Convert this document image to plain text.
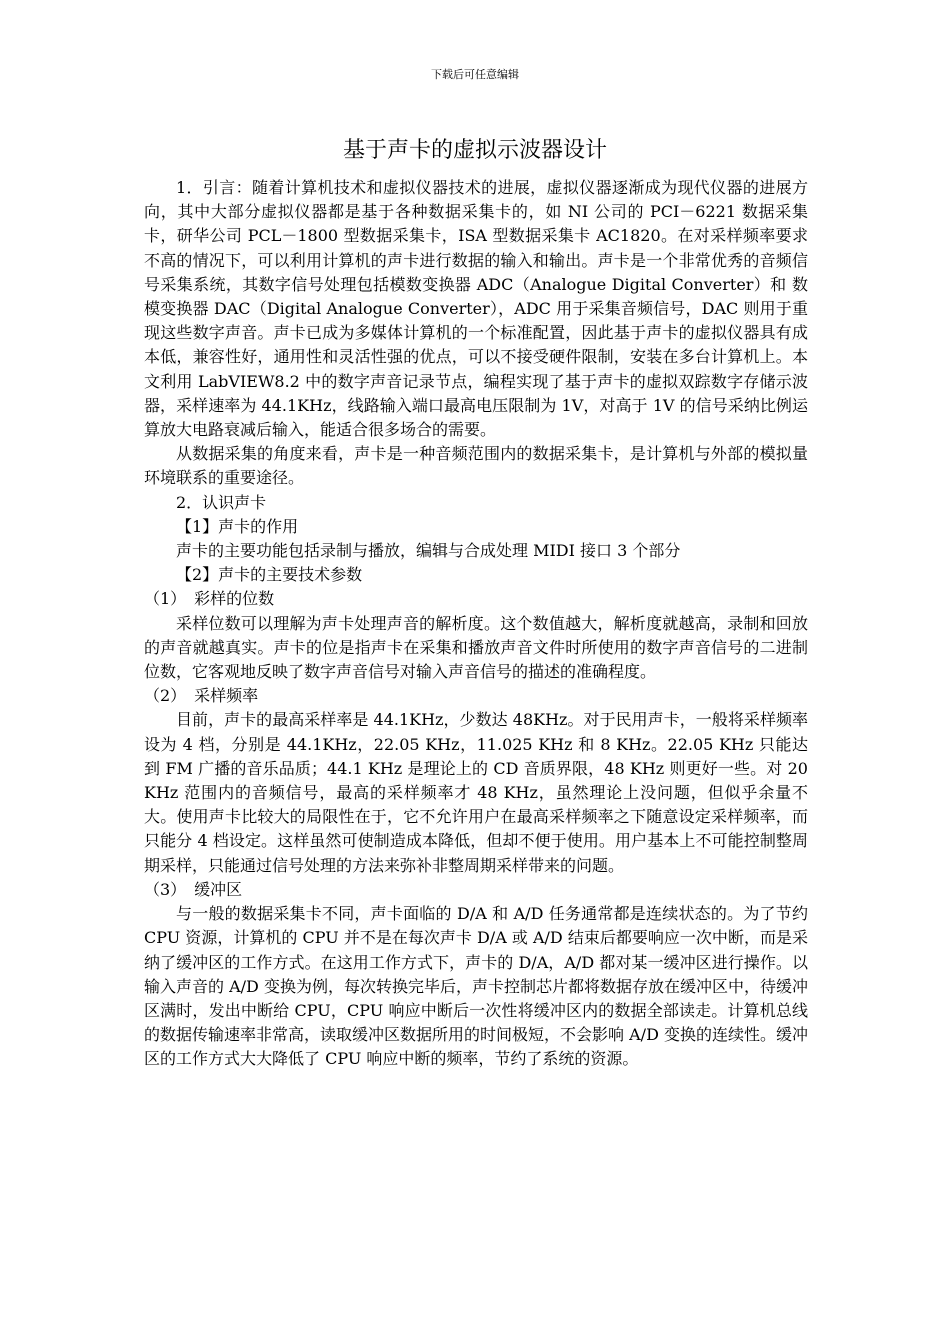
下载后可任意编辑
基于声卡的虚拟示波器设计

1．引言：随着计算机技术和虚拟仪器技术的进展，虚拟仪器逐渐成为现代仪器的进展方向，其中大部分虚拟仪器都是基于各种数据采集卡的，如 NI 公司的 PCI－6221 数据采集卡，研华公司 PCL－1800 型数据采集卡，ISA 型数据采集卡 AC1820。在对采样频率要求不高的情况下，可以利用计算机的声卡进行数据的输入和输出。声卡是一个非常优秀的音频信号采集系统，其数字信号处理包括模数变换器 ADC（Analogue Digital Converter）和 数模变换器 DAC（Digital Analogue Converter），ADC 用于采集音频信号，DAC 则用于重现这些数字声音。声卡已成为多媒体计算机的一个标准配置，因此基于声卡的虚拟仪器具有成本低，兼容性好，通用性和灵活性强的优点，可以不接受硬件限制，安装在多台计算机上。本文利用 LabVIEW8.2 中的数字声音记录节点，编程实现了基于声卡的虚拟双踪数字存储示波器，采样速率为 44.1KHz，线路输入端口最高电压限制为 1V，对高于 1V 的信号采纳比例运算放大电路衰减后输入，能适合很多场合的需要。

从数据采集的角度来看，声卡是一种音频范围内的数据采集卡，是计算机与外部的模拟量环境联系的重要途径。

2．认识声卡

【1】声卡的作用

声卡的主要功能包括录制与播放，编辑与合成处理 MIDI 接口 3 个部分

【2】声卡的主要技术参数

（1）　彩样的位数

采样位数可以理解为声卡处理声音的解析度。这个数值越大，解析度就越高，录制和回放的声音就越真实。声卡的位是指声卡在采集和播放声音文件时所使用的数字声音信号的二进制位数，它客观地反映了数字声音信号对输入声音信号的描述的准确程度。

（2）　采样频率

目前，声卡的最高采样率是 44.1KHz，少数达 48KHz。对于民用声卡，一般将采样频率设为 4 档，分别是 44.1KHz，22.05 KHz，11.025 KHz 和 8 KHz。22.05 KHz 只能达到 FM 广播的音乐品质；44.1 KHz 是理论上的 CD 音质界限，48 KHz 则更好一些。对 20 KHz 范围内的音频信号，最高的采样频率才 48 KHz，虽然理论上没问题，但似乎余量不大。使用声卡比较大的局限性在于，它不允许用户在最高采样频率之下随意设定采样频率，而只能分 4 档设定。这样虽然可使制造成本降低，但却不便于使用。用户基本上不可能控制整周期采样，只能通过信号处理的方法来弥补非整周期采样带来的问题。

（3）　缓冲区

与一般的数据采集卡不同，声卡面临的 D/A 和 A/D 任务通常都是连续状态的。为了节约 CPU 资源，计算机的 CPU 并不是在每次声卡 D/A 或 A/D 结束后都要响应一次中断，而是采纳了缓冲区的工作方式。在这用工作方式下，声卡的 D/A，A/D 都对某一缓冲区进行操作。以输入声音的 A/D 变换为例，每次转换完毕后，声卡控制芯片都将数据存放在缓冲区中，待缓冲区满时，发出中断给 CPU，CPU 响应中断后一次性将缓冲区内的数据全部读走。计算机总线的数据传输速率非常高，读取缓冲区数据所用的时间极短，不会影响 A/D 变换的连续性。缓冲区的工作方式大大降低了 CPU 响应中断的频率，节约了系统的资源。
